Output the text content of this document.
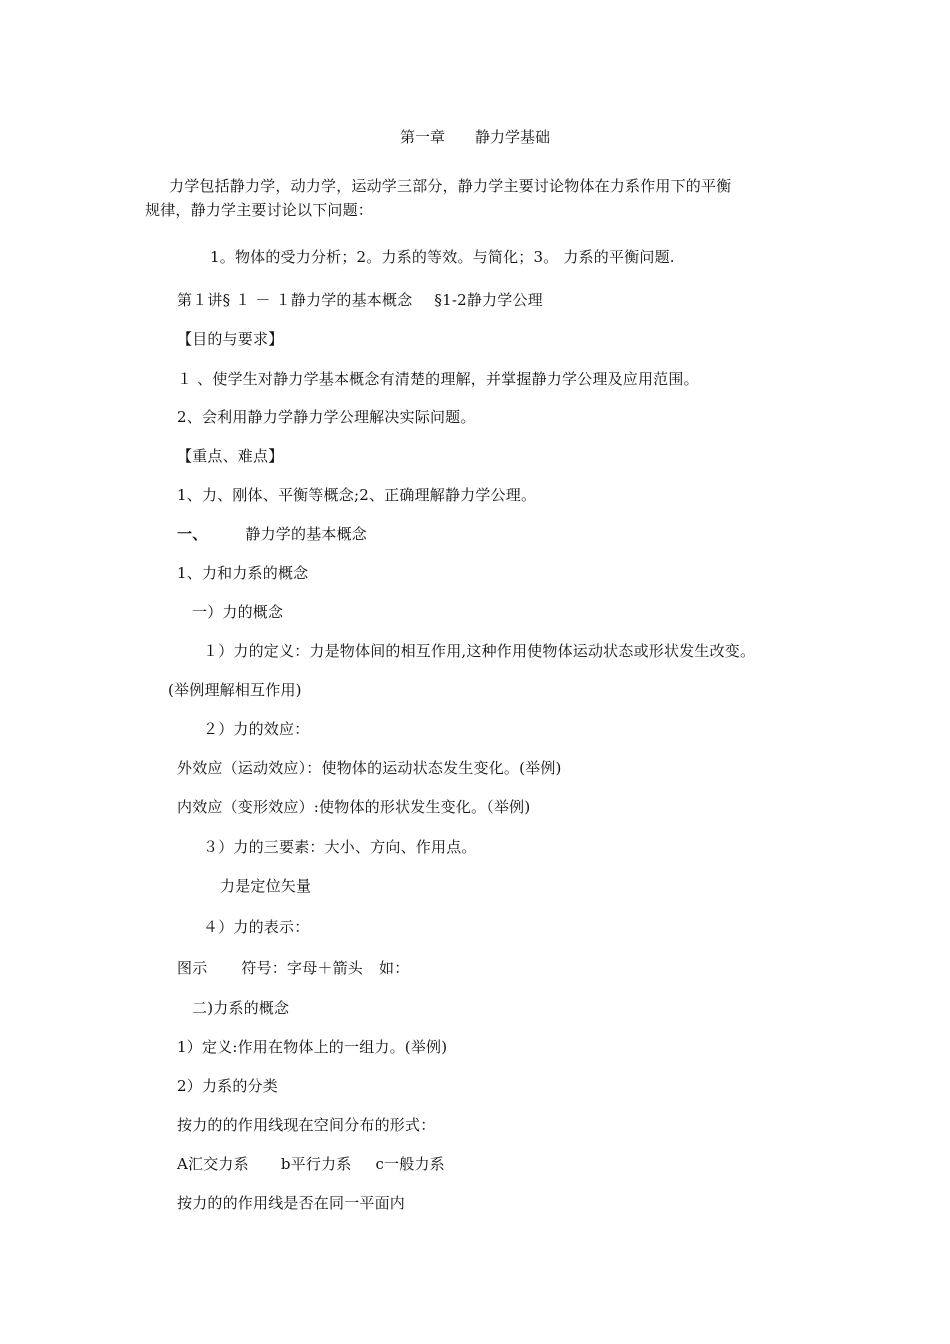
第一章 静力学基础
力学包括静力学，动力学，运动学三部分，静力学主要讨论物体在力系作用下的平衡
规律，静力学主要讨论以下问题：
1。物体的受力分析；2。力系的等效。与简化；3。 力系的平衡问题.
第１讲§ １ － １静力学的基本概念 §1-2静力学公理
【目的与要求】
１ 、使学生对静力学基本概念有清楚的理解，并掌握静力学公理及应用范围。
2、会利用静力学静力学公理解决实际问题。
【重点、难点】
1、力、刚体、平衡等概念;2、正确理解静力学公理。
一、	静力学的基本概念
1、力和力系的概念
一）力的概念
１）力的定义：力是物体间的相互作用,这种作用使物体运动状态或形状发生改变。
(举例理解相互作用)
２）力的效应：
外效应（运动效应）：使物体的运动状态发生变化。(举例)
内效应（变形效应）:使物体的形状发生变化。（举例)
３）力的三要素：大小、方向、作用点。
力是定位矢量
４）力的表示：
图示 符号：字母＋箭头 如：
二)力系的概念
1）定义:作用在物体上的一组力。(举例)
2）力系的分类
按力的的作用线现在空间分布的形式：
A汇交力系 b平行力系 c一般力系
按力的的作用线是否在同一平面内
